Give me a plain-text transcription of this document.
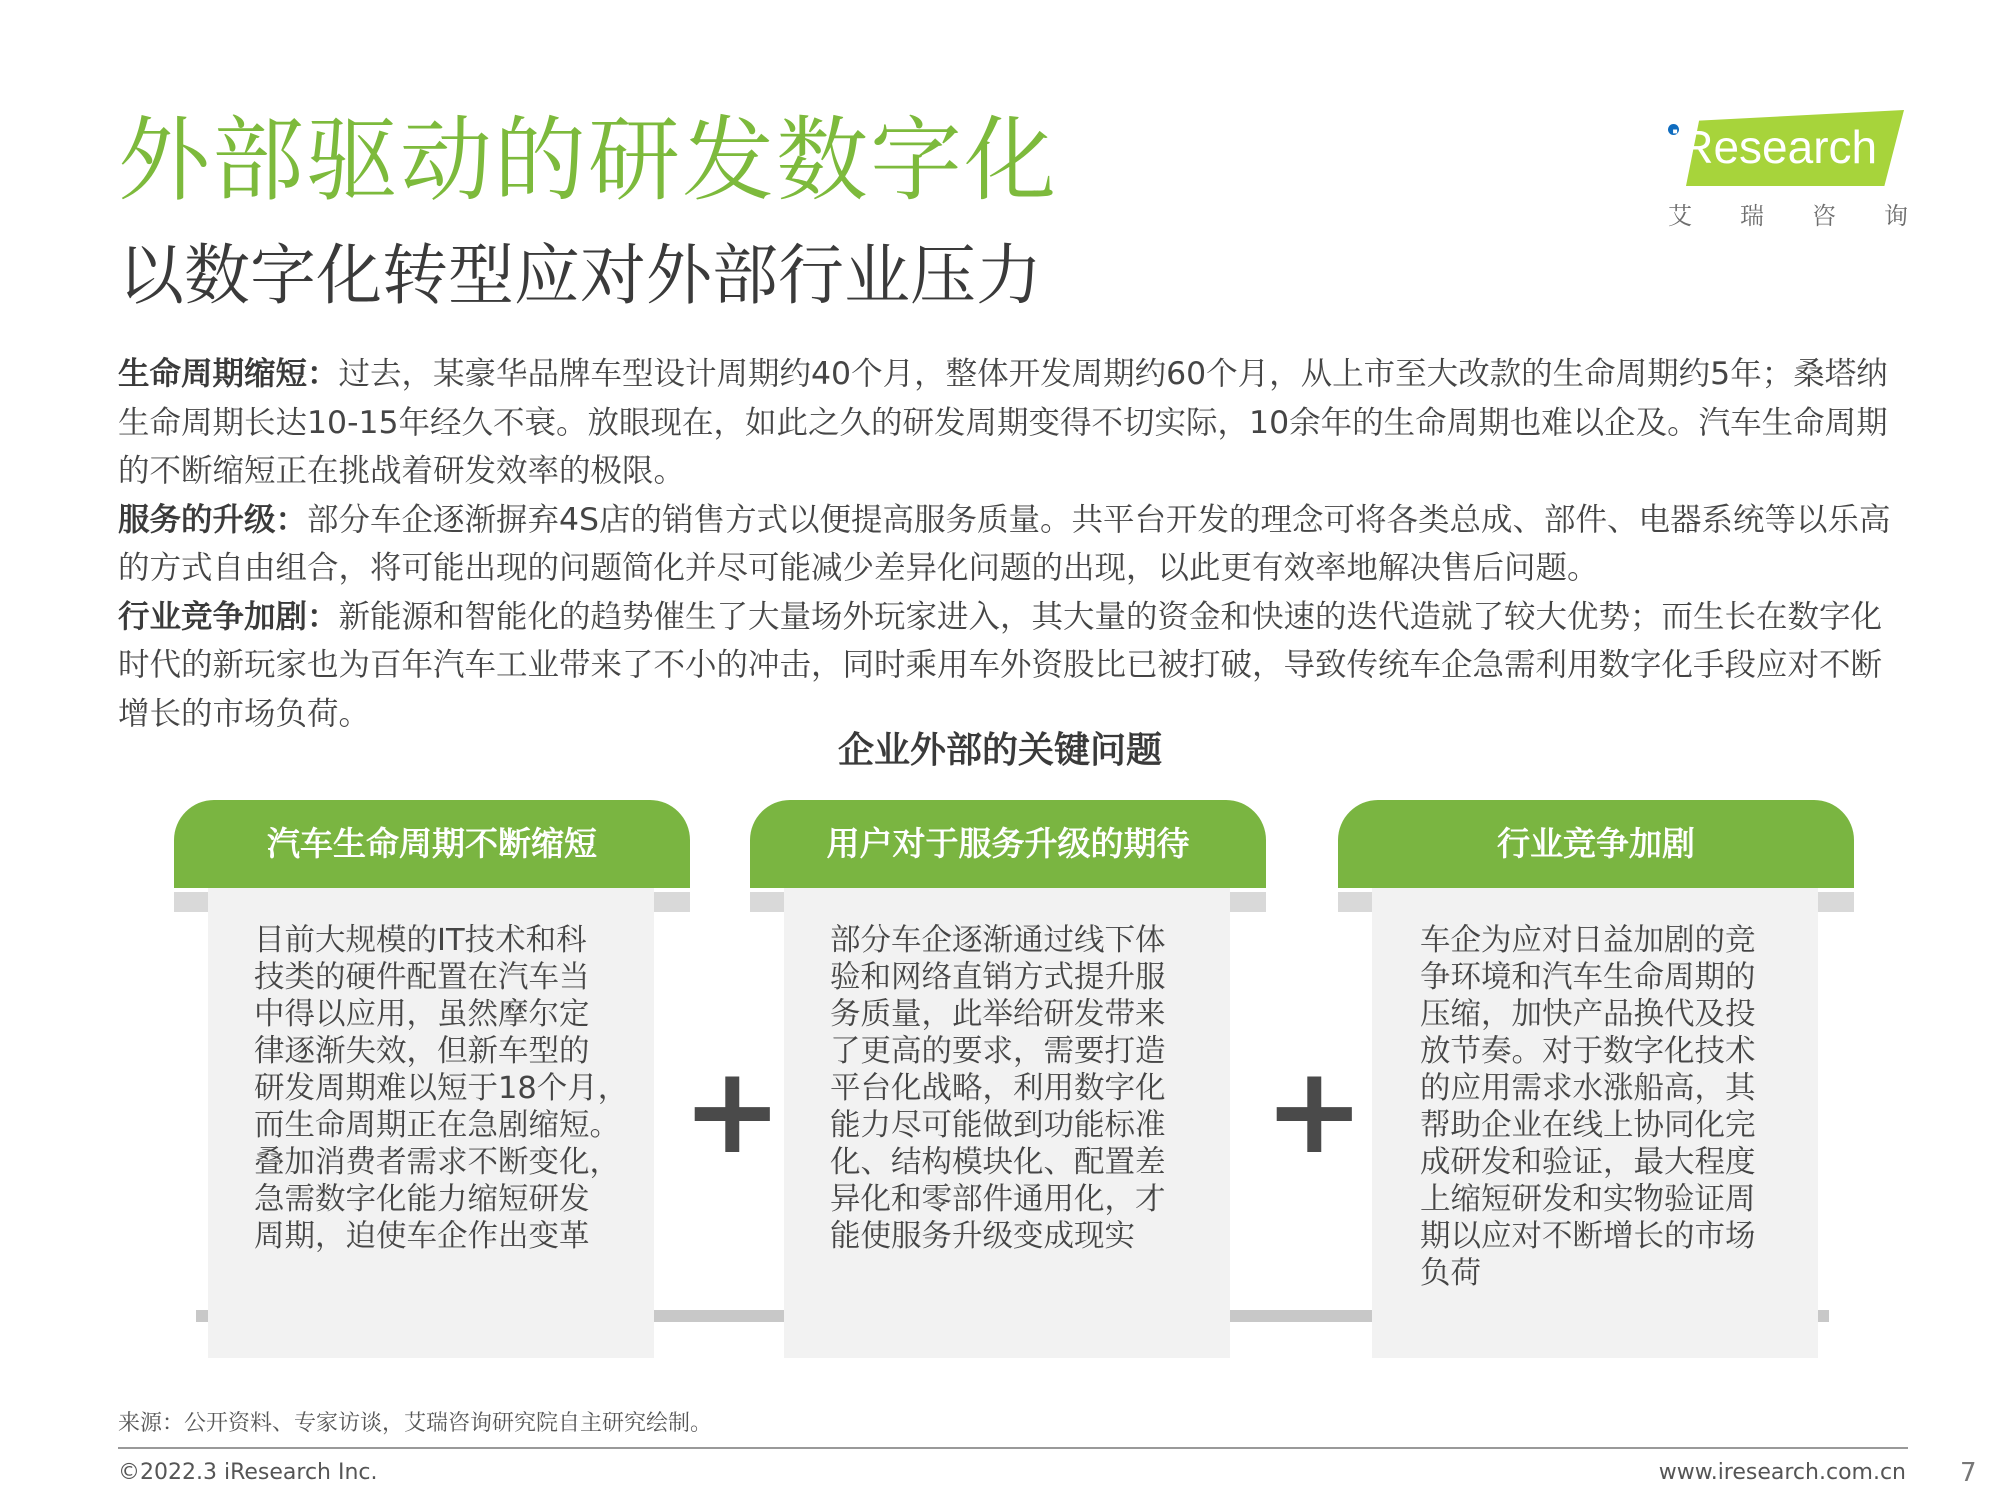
外部驱动的研发数字化
以数字化转型应对外部行业压力
iResearch
艾 瑞 咨 询

生命周期缩短：过去，某豪华品牌车型设计周期约40个月，整体开发周期约60个月，从上市至大改款的生命周期约5年；桑塔纳生命周期长达10-15年经久不衰。放眼现在，如此之久的研发周期变得不切实际，10余年的生命周期也难以企及。汽车生命周期的不断缩短正在挑战着研发效率的极限。

服务的升级：部分车企逐渐摒弃4S店的销售方式以便提高服务质量。共平台开发的理念可将各类总成、部件、电器系统等以乐高的方式自由组合，将可能出现的问题简化并尽可能减少差异化问题的出现，以此更有效率地解决售后问题。

行业竞争加剧：新能源和智能化的趋势催生了大量场外玩家进入，其大量的资金和快速的迭代造就了较大优势；而生长在数字化时代的新玩家也为百年汽车工业带来了不小的冲击，同时乘用车外资股比已被打破，导致传统车企急需利用数字化手段应对不断增长的市场负荷。

企业外部的关键问题
汽车生命周期不断缩短
目前大规模的IT技术和科
技类的硬件配置在汽车当
中得以应用，虽然摩尔定
律逐渐失效，但新车型的
研发周期难以短于18个月，
而生命周期正在急剧缩短。
叠加消费者需求不断变化，
急需数字化能力缩短研发
周期，迫使车企作出变革
+
用户对于服务升级的期待
部分车企逐渐通过线下体
验和网络直销方式提升服
务质量，此举给研发带来
了更高的要求，需要打造
平台化战略，利用数字化
能力尽可能做到功能标准
化、结构模块化、配置差
异化和零部件通用化，才
能使服务升级变成现实
+
行业竞争加剧
车企为应对日益加剧的竞
争环境和汽车生命周期的
压缩，加快产品换代及投
放节奏。对于数字化技术
的应用需求水涨船高，其
帮助企业在线上协同化完
成研发和验证，最大程度
上缩短研发和实物验证周
期以应对不断增长的市场
负荷
来源：公开资料、专家访谈，艾瑞咨询研究院自主研究绘制。
©2022.3 iResearch Inc.	www.iresearch.com.cn 7
